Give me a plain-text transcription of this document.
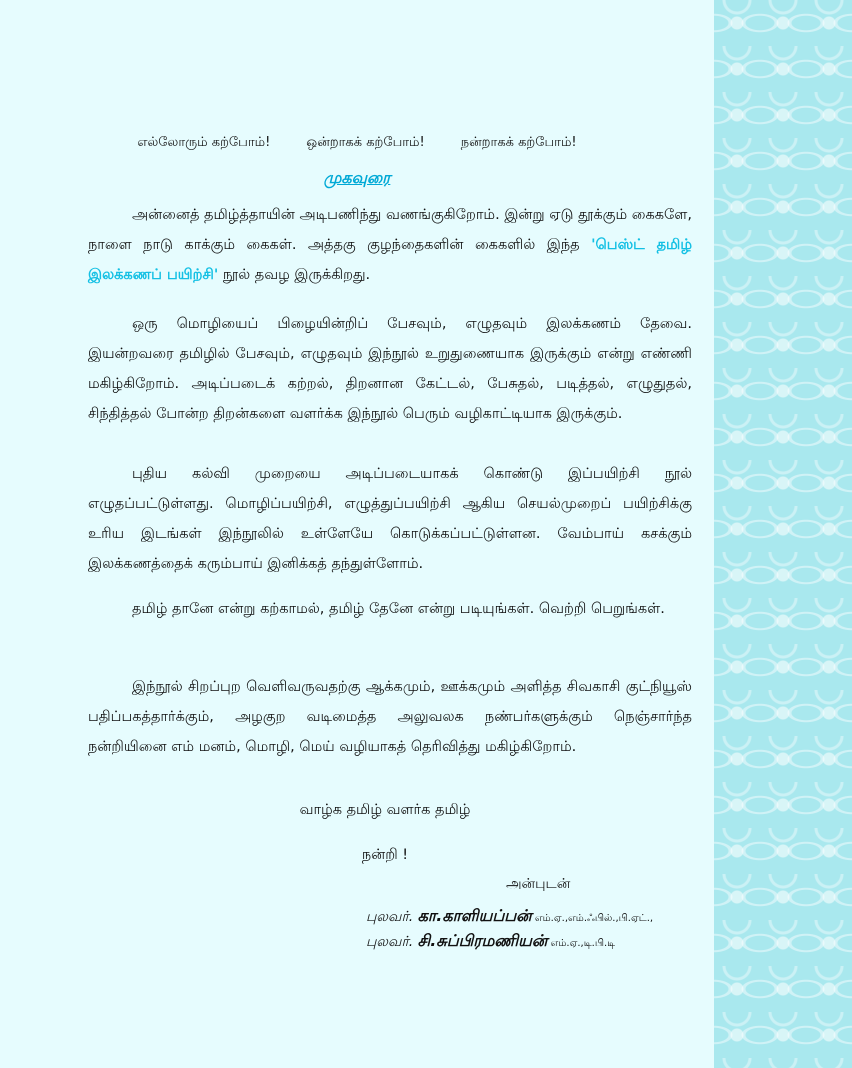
எல்லோரும் கற்போம்!	ஒன்றாகக் கற்போம்!	நன்றாகக் கற்போம்!
முகவுரை
அன்னைத் தமிழ்த்தாயின் அடிபணிந்து வணங்குகிறோம். இன்று ஏடு தூக்கும் கைகளே, நாளை நாடு காக்கும் கைகள். அத்தகு குழந்தைகளின் கைகளில் இந்த 'பெஸ்ட் தமிழ் இலக்கணப் பயிற்சி' நூல் தவழ இருக்கிறது.
ஒரு மொழியைப் பிழையின்றிப் பேசவும், எழுதவும் இலக்கணம் தேவை. இயன்றவரை தமிழில் பேசவும், எழுதவும் இந்நூல் உறுதுணையாக இருக்கும் என்று எண்ணி மகிழ்கிறோம். அடிப்படைக் கற்றல், திறனான கேட்டல், பேசுதல், படித்தல், எழுதுதல், சிந்தித்தல் போன்ற திறன்களை வளர்க்க இந்நூல் பெரும் வழிகாட்டியாக இருக்கும்.
புதிய கல்வி முறையை அடிப்படையாகக் கொண்டு இப்பயிற்சி நூல் எழுதப்பட்டுள்ளது. மொழிப்பயிற்சி, எழுத்துப்பயிற்சி ஆகிய செயல்முறைப் பயிற்சிக்கு உரிய இடங்கள் இந்நூலில் உள்ளேயே கொடுக்கப்பட்டுள்ளன. வேம்பாய் கசக்கும் இலக்கணத்தைக் கரும்பாய் இனிக்கத் தந்துள்ளோம்.
தமிழ் தானே என்று கற்காமல், தமிழ் தேனே என்று படியுங்கள். வெற்றி பெறுங்கள்.
இந்நூல் சிறப்புற வெளிவருவதற்கு ஆக்கமும், ஊக்கமும் அளித்த சிவகாசி குட்நியூஸ் பதிப்பகத்தார்க்கும், அழகுற வடிமைத்த அலுவலக நண்பர்களுக்கும் நெஞ்சார்ந்த நன்றியினை எம் மனம், மொழி, மெய் வழியாகத் தெரிவித்து மகிழ்கிறோம்.
வாழ்க தமிழ் வளர்க தமிழ்
நன்றி !
அன்புடன்
புலவர். கா.காளியப்பன் எம்.ஏ.,எம்.ஃபில்.,பி.ஏட்.,
புலவர். சி.சுப்பிரமணியன் எம்.ஏ.,டி.பி.டி
